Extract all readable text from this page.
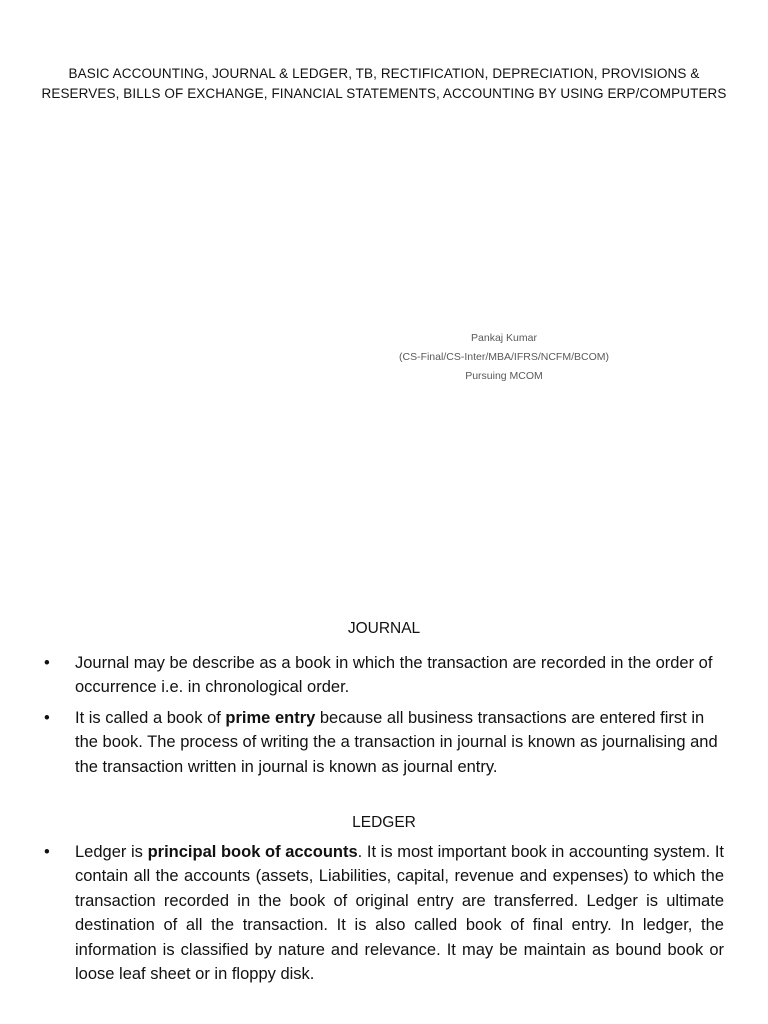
BASIC ACCOUNTING, JOURNAL & LEDGER, TB, RECTIFICATION, DEPRECIATION, PROVISIONS & RESERVES, BILLS OF EXCHANGE, FINANCIAL STATEMENTS, ACCOUNTING BY USING ERP/COMPUTERS
Pankaj Kumar
(CS-Final/CS-Inter/MBA/IFRS/NCFM/BCOM)
Pursuing MCOM
JOURNAL
• Journal may be describe as a book in which the transaction are recorded in the order of occurrence i.e. in chronological order.
• It is called a book of prime entry because all business transactions are entered first in the book. The process of writing the a transaction in journal is known as journalising and the transaction written in journal is known as journal entry.
LEDGER
• Ledger is principal book of accounts. It is most important book in accounting system. It contain all the accounts (assets, Liabilities, capital, revenue and expenses) to which the transaction recorded in the book of original entry are transferred. Ledger is ultimate destination of all the transaction. It is also called book of final entry. In ledger, the information is classified by nature and relevance. It may be maintain as bound book or loose leaf sheet or in floppy disk.
